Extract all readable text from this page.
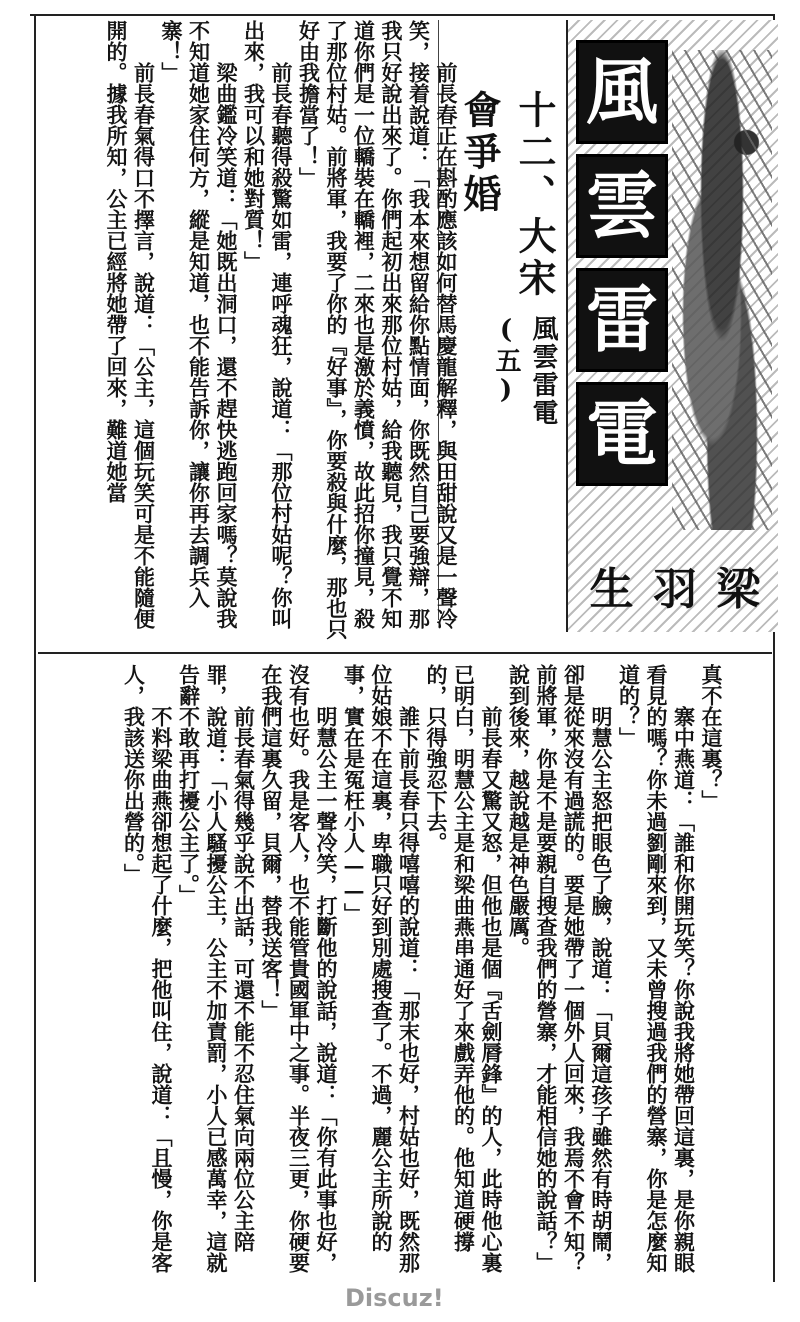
風
雲
雷
電
梁
羽
生
十二、大宋會爭婚
風雲雷電(五)

前長春正在斟酌應該如何替馬慶龍解釋，與田甜說又是一聲冷笑，接着說道：「我本來想留給你點情面，你既然自己要強辯，那我只好說出來了。你們起初出來那位村姑，給我聽見，我只覺不知道你們是一位轎裝在轎裡，二來也是激於義憤，故此招你撞見，殺了那位村姑。前將軍，我要了你的『好事』，你要殺與什麼，那也只好由我擔當了！」

前長春聽得殺驚如雷，連呼魂狂，說道：「那位村姑呢？你叫出來，我可以和她對質！」

梁曲鑑冷笑道：「她既出洞口，還不趕快逃跑回家嗎？莫說我不知道她家住何方，縱是知道，也不能告訴你，讓你再去調兵入寨！」

前長春氣得口不擇言，說道：「公主，這個玩笑可是不能隨便開的。據我所知，公主已經將她帶了回來，難道她當

真不在這裏？」

寨中燕道：「誰和你開玩笑？你說我將她帶回這裏，是你親眼看見的嗎？你未過劉剛來到，又未曾搜過我們的營寨，你是怎麼知道的？」

明慧公主怒把眼色了臉，說道：「貝爾這孩子雖然有時胡鬧，卻是從來沒有過謊的。要是她帶了一個外人回來，我焉不會不知？前將軍，你是不是要親自搜查我們的營寨，才能相信她的說話？」說到後來，越說越是神色嚴厲。

前長春又驚又怒，但他也是個『舌劍脣鋒』的人，此時他心裏已明白，明慧公主是和梁曲燕串通好了來戲弄他的。他知道硬撐的，只得強忍下去。

誰下前長春只得嘻嘻的說道：「那末也好，村姑也好，既然那位姑娘不在這裏，卑職只好到別處搜查了。不過，麗公主所說的事，實在是冤枉小人——」

明慧公主一聲冷笑，打斷他的說話，說道：「你有此事也好，沒有也好。我是客人，也不能管貴國軍中之事。半夜三更，你硬要在我們這裏久留，貝爾，替我送客！」

前長春氣得幾乎說不出話，可還不能不忍住氣向兩位公主陪罪，說道：「小人騷擾公主，公主不加責罰，小人已感萬幸，這就告辭不敢再打擾公主了。」

不料梁曲燕卻想起了什麼，把他叫住，說道：「且慢，你是客人，我該送你出營的。」

Discuz!
